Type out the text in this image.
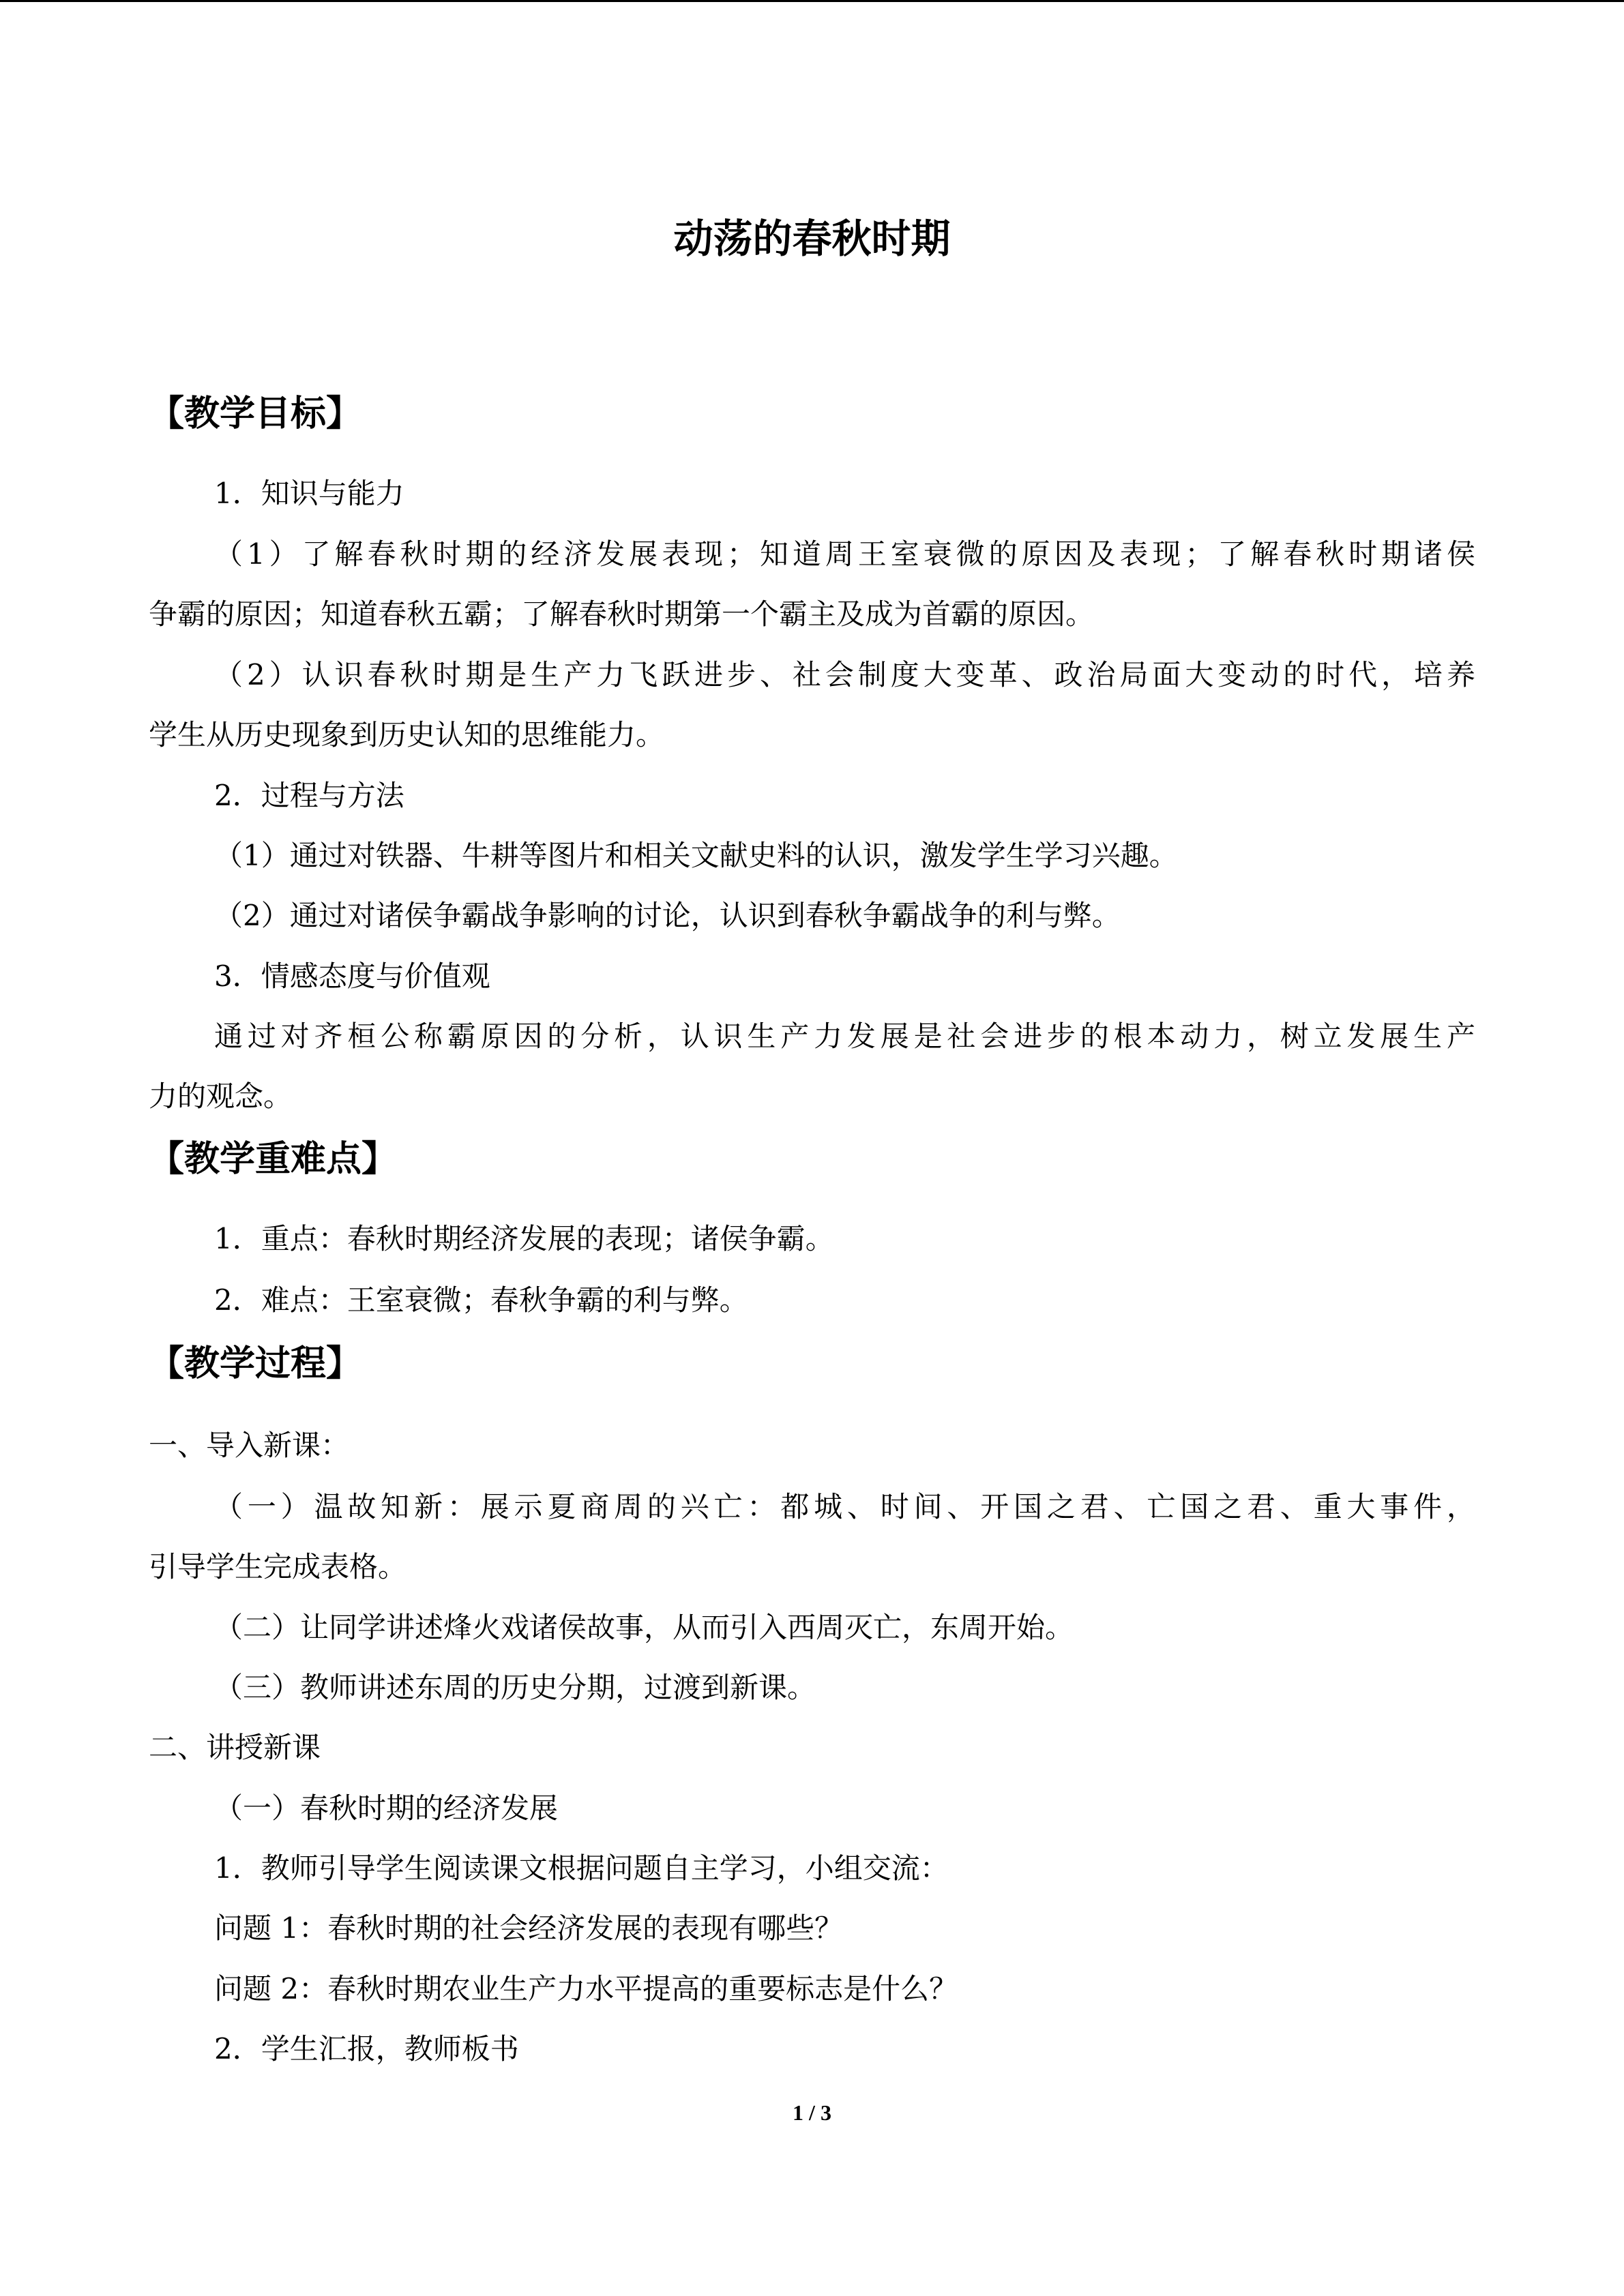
动荡的春秋时期
【教学目标】
1．知识与能力
（1）了解春秋时期的经济发展表现；知道周王室衰微的原因及表现；了解春秋时期诸侯
争霸的原因；知道春秋五霸；了解春秋时期第一个霸主及成为首霸的原因。
（2）认识春秋时期是生产力飞跃进步、社会制度大变革、政治局面大变动的时代，培养
学生从历史现象到历史认知的思维能力。
2．过程与方法
（1）通过对铁器、牛耕等图片和相关文献史料的认识，激发学生学习兴趣。
（2）通过对诸侯争霸战争影响的讨论，认识到春秋争霸战争的利与弊。
3．情感态度与价值观
通过对齐桓公称霸原因的分析，认识生产力发展是社会进步的根本动力，树立发展生产
力的观念。
【教学重难点】
1．重点：春秋时期经济发展的表现；诸侯争霸。
2．难点：王室衰微；春秋争霸的利与弊。
【教学过程】
一、导入新课：
（一）温故知新：展示夏商周的兴亡：都城、时间、开国之君、亡国之君、重大事件，
引导学生完成表格。
（二）让同学讲述烽火戏诸侯故事，从而引入西周灭亡，东周开始。
（三）教师讲述东周的历史分期，过渡到新课。
二、讲授新课
（一）春秋时期的经济发展
1．教师引导学生阅读课文根据问题自主学习，小组交流：
问题 1：春秋时期的社会经济发展的表现有哪些？
问题 2：春秋时期农业生产力水平提高的重要标志是什么？
2．学生汇报，教师板书
1 / 3
